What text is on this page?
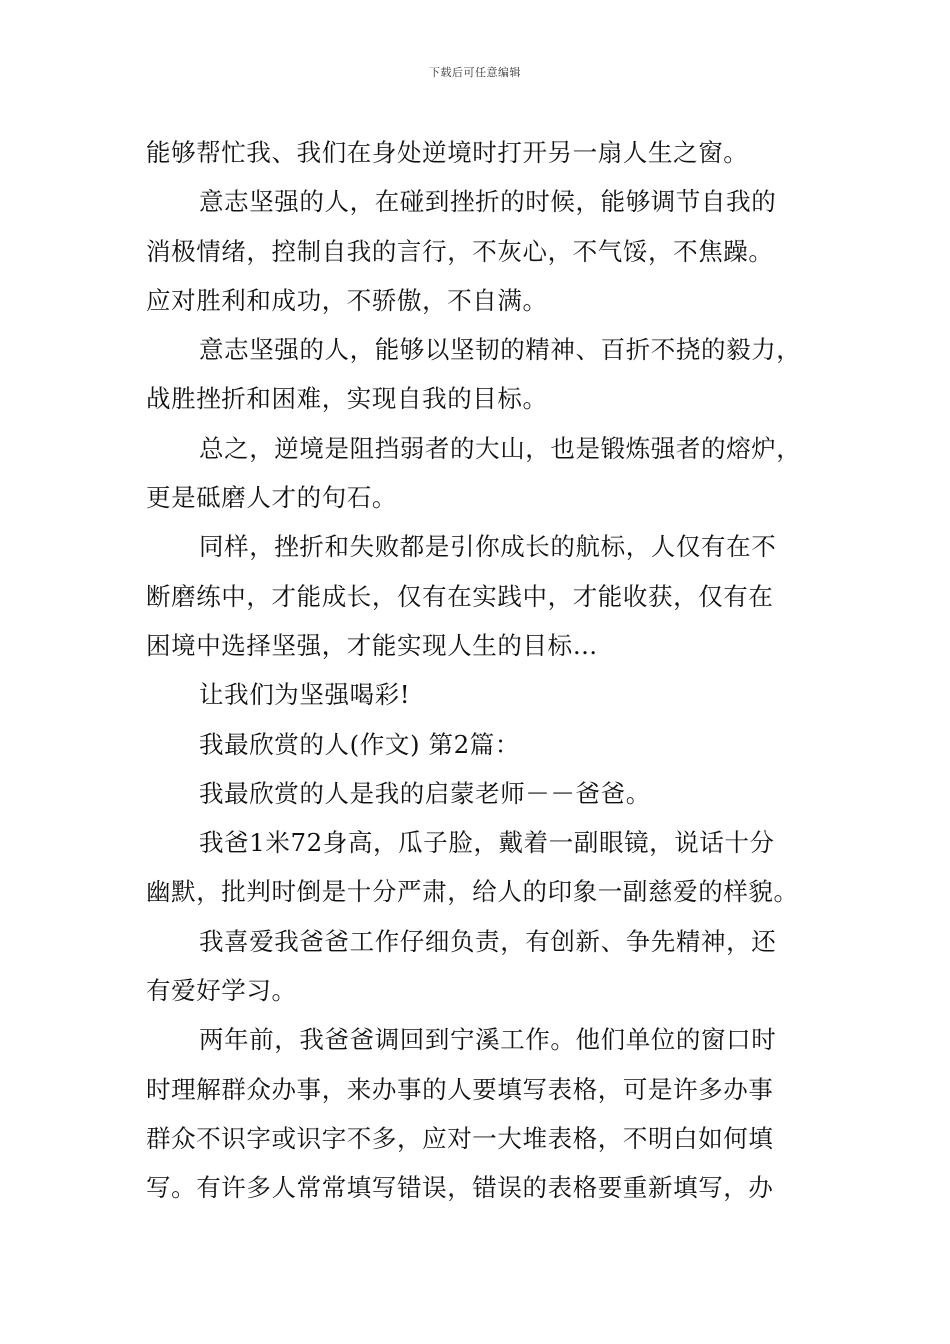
下载后可任意编辑
能够帮忙我、我们在身处逆境时打开另一扇人生之窗。
意志坚强的人，在碰到挫折的时候，能够调节自我的
消极情绪，控制自我的言行，不灰心，不气馁，不焦躁。
应对胜利和成功，不骄傲，不自满。
意志坚强的人，能够以坚韧的精神、百折不挠的毅力，
战胜挫折和困难，实现自我的目标。
总之，逆境是阻挡弱者的大山，也是锻炼强者的熔炉，
更是砥磨人才的句石。
同样，挫折和失败都是引你成长的航标，人仅有在不
断磨练中，才能成长，仅有在实践中，才能收获，仅有在
困境中选择坚强，才能实现人生的目标…
让我们为坚强喝彩!
我最欣赏的人(作文) 第2篇：
我最欣赏的人是我的启蒙老师－－爸爸。
我爸1米72身高，瓜子脸，戴着一副眼镜，说话十分
幽默，批判时倒是十分严肃，给人的印象一副慈爱的样貌。
我喜爱我爸爸工作仔细负责，有创新、争先精神，还
有爱好学习。
两年前，我爸爸调回到宁溪工作。他们单位的窗口时
时理解群众办事，来办事的人要填写表格，可是许多办事
群众不识字或识字不多，应对一大堆表格，不明白如何填
写。有许多人常常填写错误，错误的表格要重新填写，办
